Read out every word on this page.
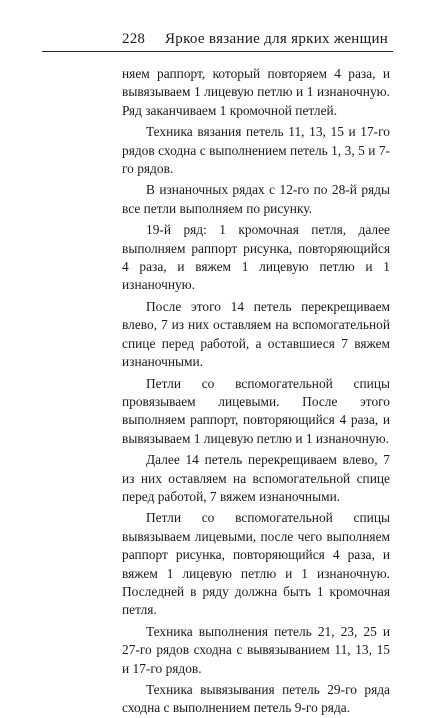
228 Яркое вязание для ярких женщин

няем раппорт, который повторяем 4 раза, и вывязываем 1 лицевую петлю и 1 изнаночную. Ряд заканчиваем 1 кромочной петлей.

Техника вязания петель 11, 13, 15 и 17-го рядов сходна с выполнением петель 1, 3, 5 и 7-го рядов.

В изнаночных рядах с 12-го по 28-й ряды все петли выполняем по рисунку.

19-й ряд: 1 кромочная петля, далее выполняем раппорт рисунка, повторяющийся 4 раза, и вяжем 1 лицевую петлю и 1 изнаночную.

После этого 14 петель перекрещиваем влево, 7 из них оставляем на вспомогательной спице перед работой, а оставшиеся 7 вяжем изнаночными.

Петли со вспомогательной спицы провязываем лицевыми. После этого выполняем раппорт, повторяющийся 4 раза, и вывязываем 1 лицевую петлю и 1 изнаночную.

Далее 14 петель перекрещиваем влево, 7 из них оставляем на вспомогательной спице перед работой, 7 вяжем изнаночными.

Петли со вспомогательной спицы вывязываем лицевыми, после чего выполняем раппорт рисунка, повторяющийся 4 раза, и вяжем 1 лицевую петлю и 1 изнаночную. Последней в ряду должна быть 1 кромочная петля.

Техника выполнения петель 21, 23, 25 и 27-го рядов сходна с вывязыванием 11, 13, 15 и 17-го рядов.

Техника вывязывания петель 29-го ряда сходна с выполнением петель 9-го ряда.
